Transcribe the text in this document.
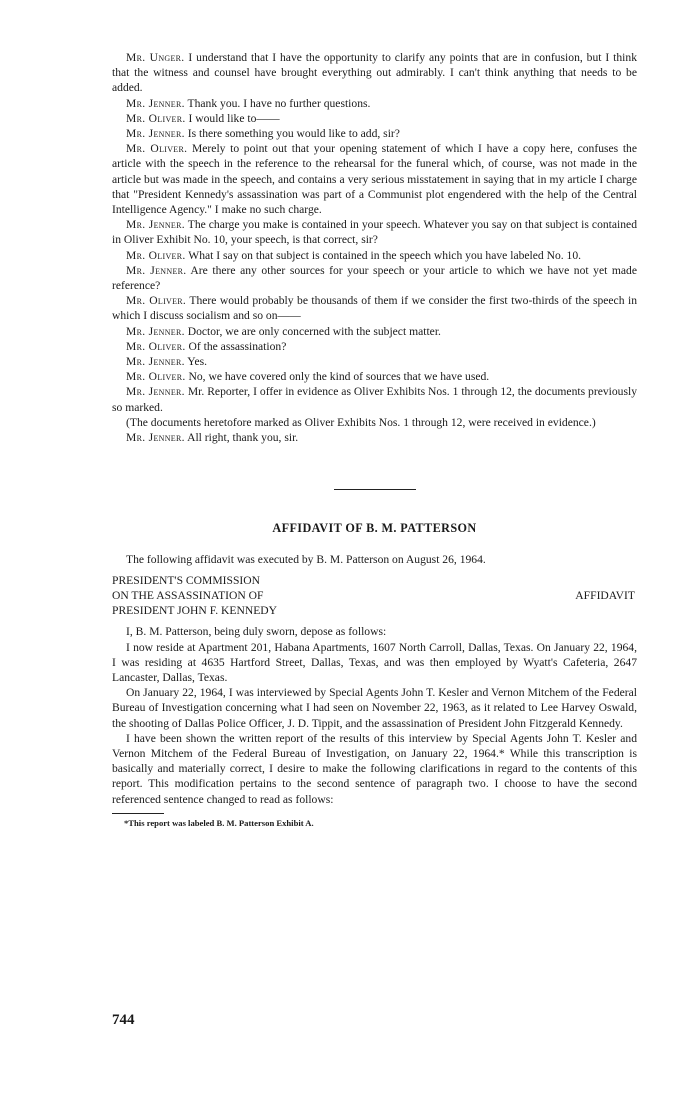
Mr. Unger. I understand that I have the opportunity to clarify any points that are in confusion, but I think that the witness and counsel have brought everything out admirably. I can't think anything that needs to be added.

Mr. Jenner. Thank you. I have no further questions.

Mr. Oliver. I would like to——

Mr. Jenner. Is there something you would like to add, sir?

Mr. Oliver. Merely to point out that your opening statement of which I have a copy here, confuses the article with the speech in the reference to the rehearsal for the funeral which, of course, was not made in the article but was made in the speech, and contains a very serious misstatement in saying that in my article I charge that "President Kennedy's assassination was part of a Communist plot engendered with the help of the Central Intelligence Agency." I make no such charge.

Mr. Jenner. The charge you make is contained in your speech. Whatever you say on that subject is contained in Oliver Exhibit No. 10, your speech, is that correct, sir?

Mr. Oliver. What I say on that subject is contained in the speech which you have labeled No. 10.

Mr. Jenner. Are there any other sources for your speech or your article to which we have not yet made reference?

Mr. Oliver. There would probably be thousands of them if we consider the first two-thirds of the speech in which I discuss socialism and so on——

Mr. Jenner. Doctor, we are only concerned with the subject matter.

Mr. Oliver. Of the assassination?

Mr. Jenner. Yes.

Mr. Oliver. No, we have covered only the kind of sources that we have used.

Mr. Jenner. Mr. Reporter, I offer in evidence as Oliver Exhibits Nos. 1 through 12, the documents previously so marked.

(The documents heretofore marked as Oliver Exhibits Nos. 1 through 12, were received in evidence.)

Mr. Jenner. All right, thank you, sir.

AFFIDAVIT OF B. M. PATTERSON

The following affidavit was executed by B. M. Patterson on August 26, 1964.

PRESIDENT'S COMMISSION
ON THE ASSASSINATION OF
PRESIDENT JOHN F. KENNEDY
AFFIDAVIT

I, B. M. Patterson, being duly sworn, depose as follows:

I now reside at Apartment 201, Habana Apartments, 1607 North Carroll, Dallas, Texas. On January 22, 1964, I was residing at 4635 Hartford Street, Dallas, Texas, and was then employed by Wyatt's Cafeteria, 2647 Lancaster, Dallas, Texas.

On January 22, 1964, I was interviewed by Special Agents John T. Kesler and Vernon Mitchem of the Federal Bureau of Investigation concerning what I had seen on November 22, 1963, as it related to Lee Harvey Oswald, the shooting of Dallas Police Officer, J. D. Tippit, and the assassination of President John Fitzgerald Kennedy.

I have been shown the written report of the results of this interview by Special Agents John T. Kesler and Vernon Mitchem of the Federal Bureau of Investigation, on January 22, 1964.* While this transcription is basically and materially correct, I desire to make the following clarifications in regard to the contents of this report. This modification pertains to the second sentence of paragraph two. I choose to have the second referenced sentence changed to read as follows:

*This report was labeled B. M. Patterson Exhibit A.

744
